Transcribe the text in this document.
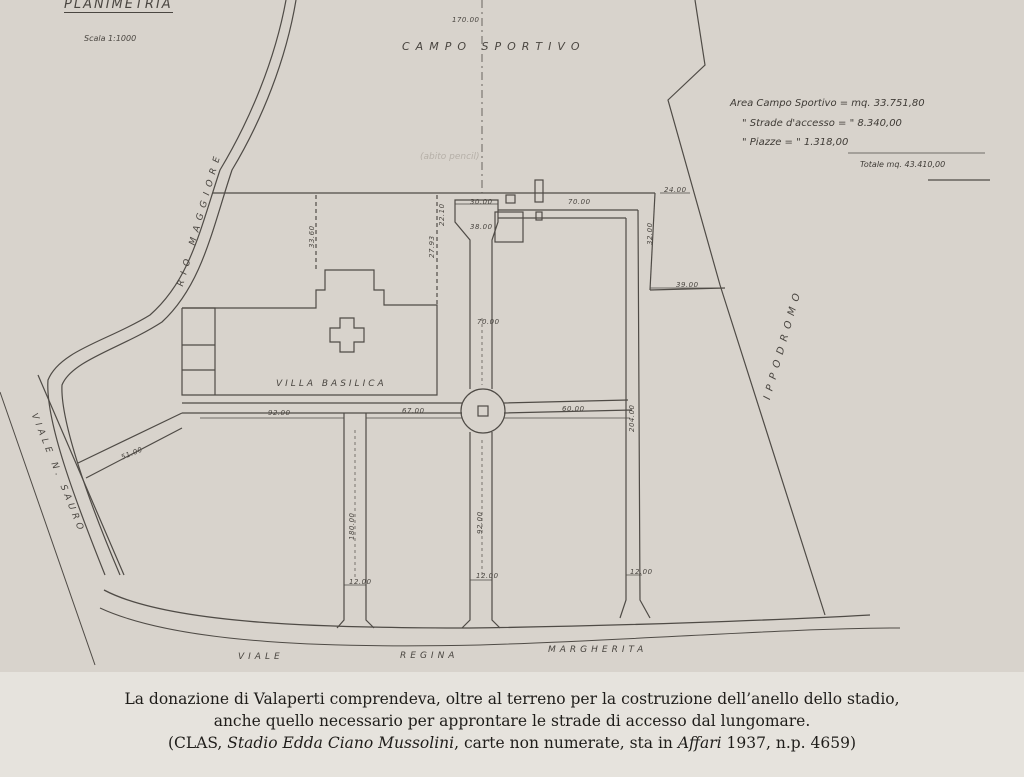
PLANIMETRIA
Scala 1:1000
CAMPO SPORTIVO
(abito pencil)
RIO MAGGIORE
IPPODROMO
VILLA BASILICA
VIALE N. SAURO
VIALE	REGINA
MARGHERITA
170.00
24.00
30.00	70.00
38.00	32.00
39.00
33.60	27.93
22.10
70.00
92.00	67.00	60.00	204.00
51.00
180.00	92.00
12.00
12.00	12.00
Area Campo Sportivo = mq. 33.751,80
" Strade d'accesso = " 8.340,00
" Piazze = " 1.318,00
Totale mq. 43.410,00
La donazione di Valaperti comprendeva, oltre al terreno per la costruzione dell’anello dello stadio,
anche quello necessario per approntare le strade di accesso dal lungomare.
(CLAS, Stadio Edda Ciano Mussolini, carte non numerate, sta in Affari 1937, n.p. 4659)
